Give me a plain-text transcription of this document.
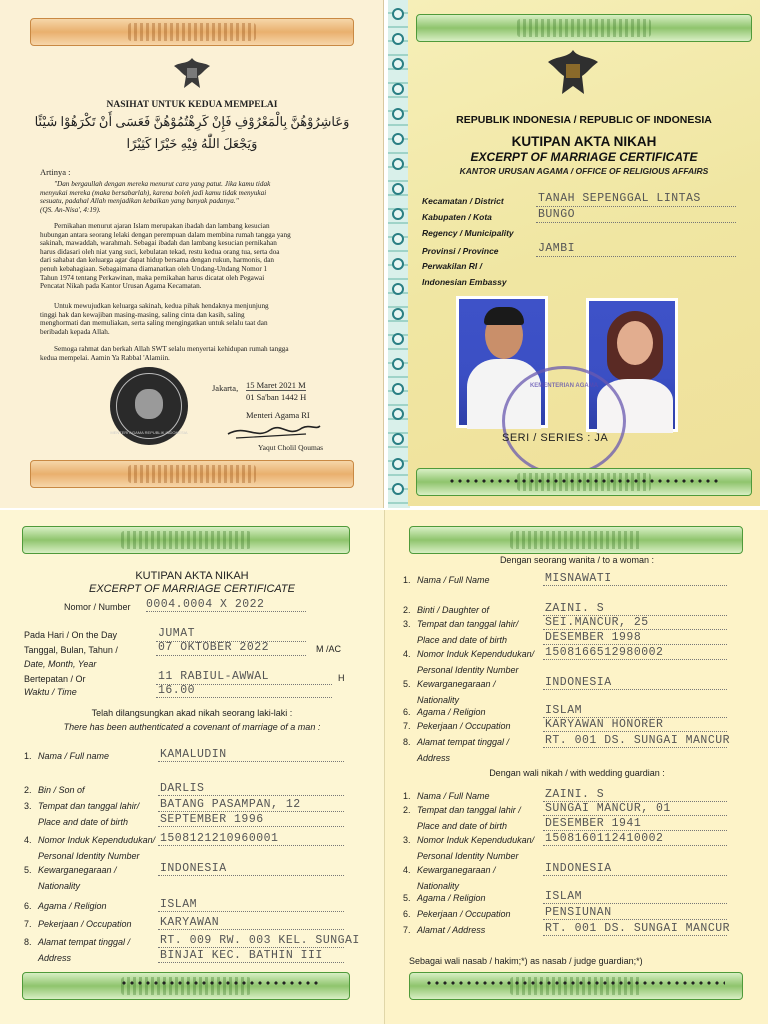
NASIHAT UNTUK KEDUA MEMPELAI
وَعَاشِرُوْهُنَّ بِالْمَعْرُوْفِ فَإِنْ كَرِهْتُمُوْهُنَّ فَعَسَى أَنْ تَكْرَهُوْا شَيْئًا
وَيَجْعَلَ اللّٰهُ فِيْهِ خَيْرًا كَثِيْرًا
Artinya :
"Dan bergaullah dengan mereka menurut cara yang patut. Jika kamu tidak
menyukai mereka (maka bersabarlah), karena boleh jadi kamu tidak menyukai
sesuatu, padahal Allah menjadikan kebaikan yang banyak padanya."
(QS. An-Nisa', 4:19).
Pernikahan menurut ajaran Islam merupakan ibadah dan lambang kesucian
hubungan antara seorang lelaki dengan perempuan dalam membina rumah tangga yang
sakinah, mawaddah, warahmah. Sebagai ibadah dan lambang kesucian pernikahan
harus didasari oleh niat yang suci, kebulatan tekad, restu kedua orang tua, serta doa
dari sahabat dan keluarga agar dapat hidup bersama dengan rukun, harmonis, dan
penuh kebahagiaan. Sebagaimana diamanatkan oleh Undang-Undang Nomor 1
Tahun 1974 tentang Perkawinan, maka pernikahan harus dicatat oleh Pegawai
Pencatat Nikah pada Kantor Urusan Agama Kecamatan.
Untuk mewujudkan keluarga sakinah, kedua pihak hendaknya menjunjung
tinggi hak dan kewajiban masing-masing, saling cinta dan kasih, saling
menghormati dan memuliakan, serta saling mengingatkan untuk selalu taat dan
beribadah kepada Allah.
Semoga rahmat dan berkah Allah SWT selalu menyertai kehidupan rumah tangga
kedua mempelai. Aamin Ya Rabbal 'Alamiin.
MENTERI AGAMA REPUBLIK INDONESIA
Jakarta, 15 Maret 2021 M
01 Sa'ban 1442 H
Menteri Agama RI
Yaqut Cholil Qoumas
REPUBLIK INDONESIA / REPUBLIC OF INDONESIA
KUTIPAN AKTA NIKAH
EXCERPT OF MARRIAGE CERTIFICATE
KANTOR URUSAN AGAMA / OFFICE OF RELIGIOUS AFFAIRS
Kecamatan / District	TANAH SEPENGGAL LINTAS
Kabupaten / Kota	BUNGO
Regency / Municipality
Provinsi / Province	JAMBI
Perwakilan RI /
Indonesian Embassy
KEMENTERIAN AGAMA
SERI / SERIES : JA
KUTIPAN AKTA NIKAH
EXCERPT OF MARRIAGE CERTIFICATE
Nomor / Number 0004.0004 X 2022
Pada Hari / On the Day	JUMAT
Tanggal, Bulan, Tahun /	07 OKTOBER 2022	M /AC
Date, Month, Year
Bertepatan / Or	11 RABIUL-AWWAL	H
Waktu / Time	16.00
Telah dilangsungkan akad nikah seorang laki-laki :
There has been authenticated a covenant of marriage of a man :
1. Nama / Full name	KAMALUDIN
2. Bin / Son of	DARLIS
3. Tempat dan tanggal lahir/ BATANG PASAMPAN, 12
Place and date of birth	SEPTEMBER 1996
4. Nomor Induk Kependudukan/ 1508121210960001
Personal Identity Number
5. Kewarganegaraan /	INDONESIA
Nationality
6. Agama / Religion	ISLAM
7. Pekerjaan / Occupation KARYAWAN
8. Alamat tempat tinggal /	RT. 009 RW. 003 KEL. SUNGAI
Address	BINJAI KEC. BATHIN III
Dengan seorang wanita / to a woman :
1. Nama / Full Name	MISNAWATI
2. Binti / Daughter of	ZAINI. S
3. Tempat dan tanggal lahir/ SEI.MANCUR, 25
Place and date of birth	DESEMBER 1998
4. Nomor Induk Kependudukan/ 1508166512980002
Personal Identity Number
5. Kewarganegaraan /	INDONESIA
Nationality
6. Agama / Religion	ISLAM
7. Pekerjaan / Occupation	KARYAWAN HONORER
8. Alamat tempat tinggal /	RT. 001 DS. SUNGAI MANCUR
Address
Dengan wali nikah / with wedding guardian :
1. Nama / Full Name	ZAINI. S
2. Tempat dan tanggal lahir / SUNGAI MANCUR, 01
Place and date of birth	DESEMBER 1941
3. Nomor Induk Kependudukan/ 1508160112410002
Personal Identity Number
4. Kewarganegaraan /	INDONESIA
Nationality
5. Agama / Religion	ISLAM
6. Pekerjaan / Occupation	PENSIUNAN
7. Alamat / Address	RT. 001 DS. SUNGAI MANCUR
Sebagai wali nasab / hakim;*) as nasab / judge guardian;*)
